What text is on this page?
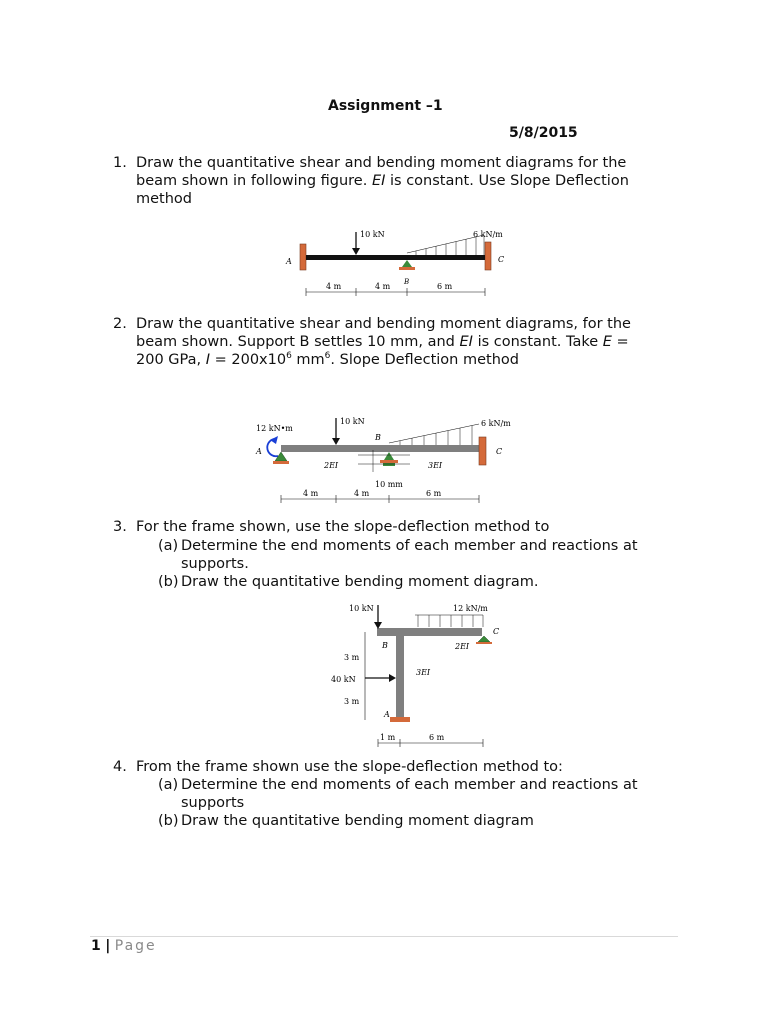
Assignment –1
5/8/2015
1. Draw the quantitative shear and bending moment diagrams for the
beam shown in following figure. EI is constant. Use Slope Deflection
method
10 kN	6 kN/m
A	C
B
4 m	4 m	6 m
2. Draw the quantitative shear and bending moment diagrams, for the
beam shown. Support B settles 10 mm, and EI is constant. Take E =
200 GPa, $I = 200x10^6$ $mm^6$. Slope Deflection method
12 kN•m
10 mm
10 kN	6 kN/m
A
B
C
2EI	3EI
4 m	4 m	6 m
3. For the frame shown, use the slope-deflection method to
(a) Determine the end moments of each member and reactions at
supports.
(b) Draw the quantitative bending moment diagram.
10 kN	12 kN/m
40 kN
B
A
C
2EI
3EI
3 m
3 m
1 m	6 m
4. From the frame shown use the slope-deflection method to:
(a) Determine the end moments of each member and reactions at
supports
(b) Draw the quantitative bending moment diagram
1 | Page
